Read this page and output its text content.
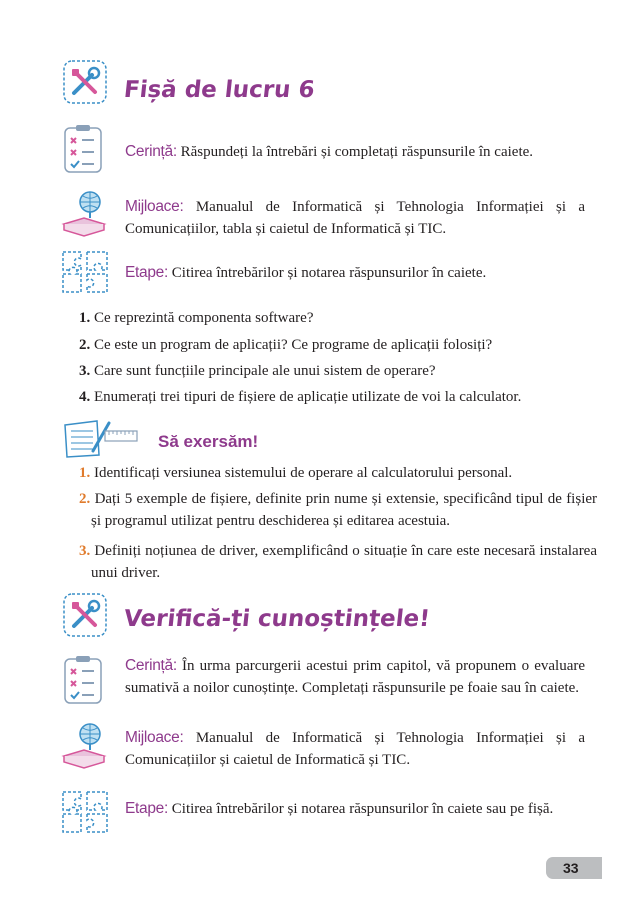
Fișă de lucru 6
Cerință: Răspundeți la întrebări și completați răspunsurile în caiete.
Mijloace: Manualul de Informatică și Tehnologia Informației și a Comunicațiilor, tabla și caietul de Informatică și TIC.
Etape: Citirea întrebărilor și notarea răspunsurilor în caiete.
1. Ce reprezintă componenta software?
2. Ce este un program de aplicații? Ce programe de aplicații folosiți?
3. Care sunt funcțiile principale ale unui sistem de operare?
4. Enumerați trei tipuri de fișiere de aplicație utilizate de voi la calculator.
Să exersăm!
1. Identificați versiunea sistemului de operare al calculatorului personal.
2. Dați 5 exemple de fișiere, definite prin nume și extensie, specificând tipul de fișier și programul utilizat pentru deschiderea și editarea acestuia.
3. Definiți noțiunea de driver, exemplificând o situație în care este necesară instalarea unui driver.
Verifică-ți cunoștințele!
Cerință: În urma parcurgerii acestui prim capitol, vă propunem o evaluare sumativă a noilor cunoștințe. Completați răspunsurile pe foaie sau în caiete.
Mijloace: Manualul de Informatică și Tehnologia Informației și a Comunicațiilor și caietul de Informatică și TIC.
Etape: Citirea întrebărilor și notarea răspunsurilor în caiete sau pe fișă.
33
